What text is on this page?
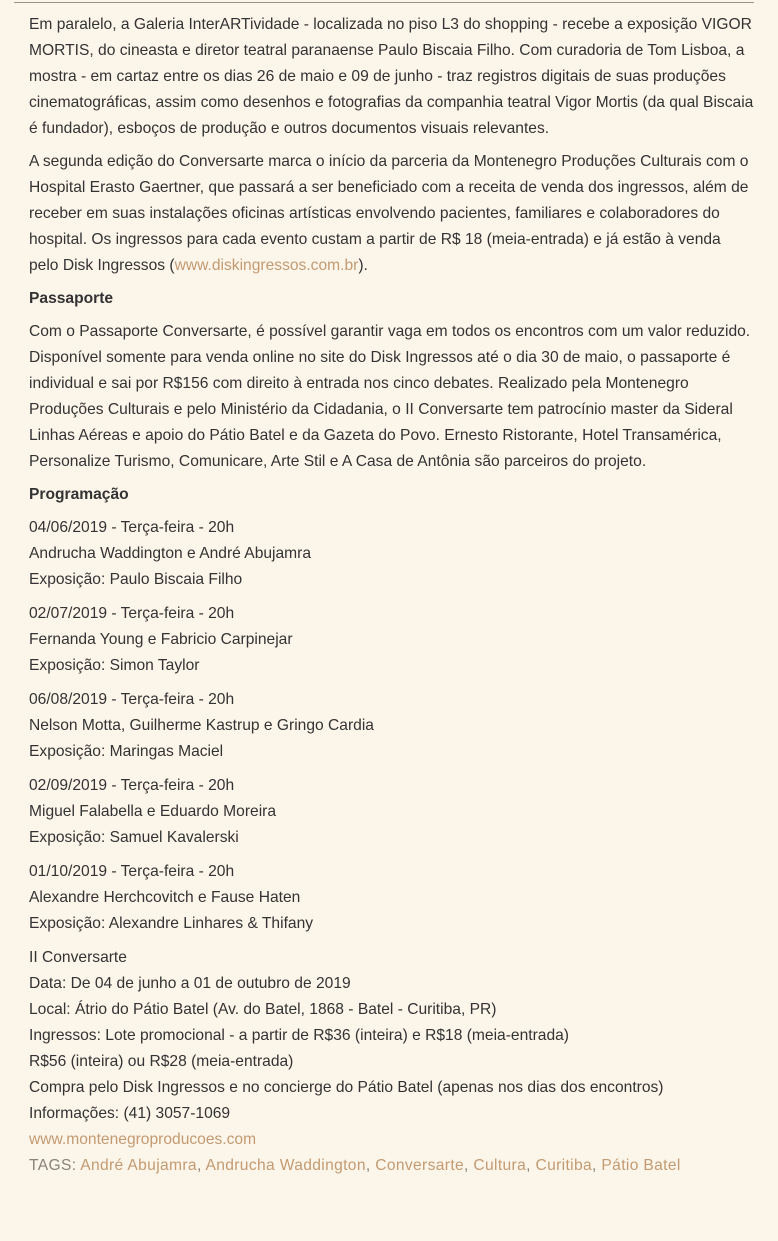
Em paralelo, a Galeria InterARTividade - localizada no piso L3 do shopping - recebe a exposição VIGOR MORTIS, do cineasta e diretor teatral paranaense Paulo Biscaia Filho. Com curadoria de Tom Lisboa, a mostra - em cartaz entre os dias 26 de maio e 09 de junho - traz registros digitais de suas produções cinematográficas, assim como desenhos e fotografias da companhia teatral Vigor Mortis (da qual Biscaia é fundador), esboços de produção e outros documentos visuais relevantes.

A segunda edição do Conversarte marca o início da parceria da Montenegro Produções Culturais com o Hospital Erasto Gaertner, que passará a ser beneficiado com a receita de venda dos ingressos, além de receber em suas instalações oficinas artísticas envolvendo pacientes, familiares e colaboradores do hospital. Os ingressos para cada evento custam a partir de R$ 18 (meia-entrada) e já estão à venda pelo Disk Ingressos (www.diskingressos.com.br).

Passaporte

Com o Passaporte Conversarte, é possível garantir vaga em todos os encontros com um valor reduzido. Disponível somente para venda online no site do Disk Ingressos até o dia 30 de maio, o passaporte é individual e sai por R$156 com direito à entrada nos cinco debates. Realizado pela Montenegro Produções Culturais e pelo Ministério da Cidadania, o II Conversarte tem patrocínio master da Sideral Linhas Aéreas e apoio do Pátio Batel e da Gazeta do Povo. Ernesto Ristorante, Hotel Transamérica, Personalize Turismo, Comunicare, Arte Stil e A Casa de Antônia são parceiros do projeto.

Programação

04/06/2019 - Terça-feira - 20h
Andrucha Waddington e André Abujamra
Exposição: Paulo Biscaia Filho

02/07/2019 - Terça-feira - 20h
Fernanda Young e Fabricio Carpinejar
Exposição: Simon Taylor

06/08/2019 - Terça-feira - 20h
Nelson Motta, Guilherme Kastrup e Gringo Cardia
Exposição: Maringas Maciel

02/09/2019 - Terça-feira - 20h
Miguel Falabella e Eduardo Moreira
Exposição: Samuel Kavalerski

01/10/2019 - Terça-feira - 20h
Alexandre Herchcovitch e Fause Haten
Exposição: Alexandre Linhares & Thifany

II Conversarte
Data: De 04 de junho a 01 de outubro de 2019
Local: Átrio do Pátio Batel (Av. do Batel, 1868 - Batel - Curitiba, PR)
Ingressos: Lote promocional - a partir de R$36 (inteira) e R$18 (meia-entrada)
R$56 (inteira) ou R$28 (meia-entrada)
Compra pelo Disk Ingressos e no concierge do Pátio Batel (apenas nos dias dos encontros)
Informações: (41) 3057-1069
www.montenegroproducoes.com

TAGS: André Abujamra, Andrucha Waddington, Conversarte, Cultura, Curitiba, Pátio Batel
